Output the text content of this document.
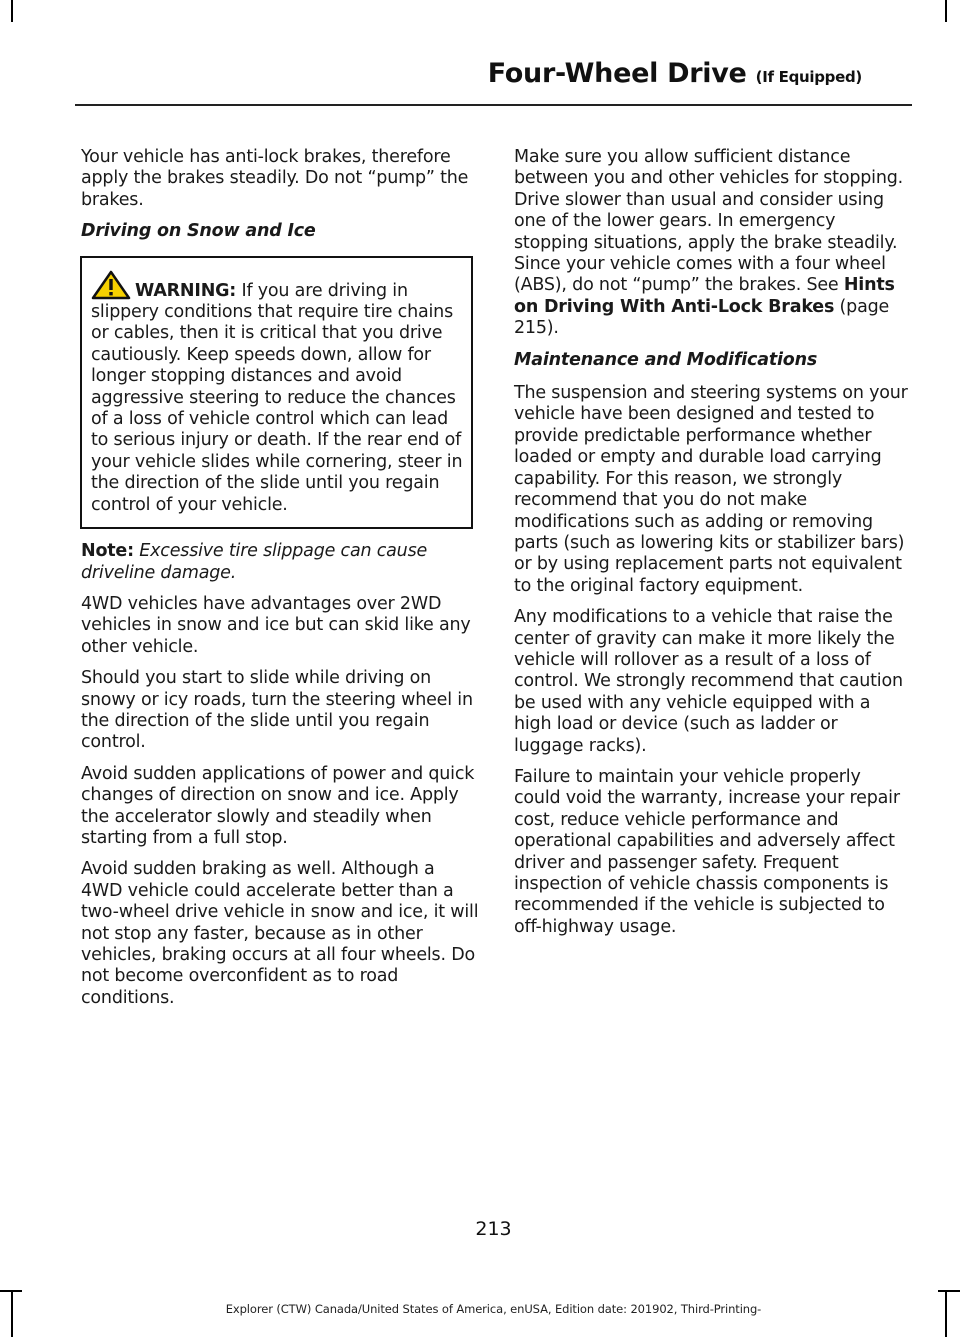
Four-Wheel Drive (If Equipped)

Your vehicle has anti-lock brakes, therefore apply the brakes steadily. Do not “pump” the brakes.

Driving on Snow and Ice

WARNING: If you are driving in slippery conditions that require tire chains or cables, then it is critical that you drive cautiously. Keep speeds down, allow for longer stopping distances and avoid aggressive steering to reduce the chances of a loss of vehicle control which can lead to serious injury or death. If the rear end of your vehicle slides while cornering, steer in the direction of the slide until you regain control of your vehicle.

Note: Excessive tire slippage can cause driveline damage.

4WD vehicles have advantages over 2WD vehicles in snow and ice but can skid like any other vehicle.

Should you start to slide while driving on snowy or icy roads, turn the steering wheel in the direction of the slide until you regain control.

Avoid sudden applications of power and quick changes of direction on snow and ice. Apply the accelerator slowly and steadily when starting from a full stop.

Avoid sudden braking as well. Although a 4WD vehicle could accelerate better than a two-wheel drive vehicle in snow and ice, it will not stop any faster, because as in other vehicles, braking occurs at all four wheels. Do not become overconfident as to road conditions.

Make sure you allow sufficient distance between you and other vehicles for stopping. Drive slower than usual and consider using one of the lower gears. In emergency stopping situations, apply the brake steadily. Since your vehicle comes with a four wheel (ABS), do not “pump” the brakes. See Hints on Driving With Anti-Lock Brakes (page 215).

Maintenance and Modifications

The suspension and steering systems on your vehicle have been designed and tested to provide predictable performance whether loaded or empty and durable load carrying capability. For this reason, we strongly recommend that you do not make modifications such as adding or removing parts (such as lowering kits or stabilizer bars) or by using replacement parts not equivalent to the original factory equipment.

Any modifications to a vehicle that raise the center of gravity can make it more likely the vehicle will rollover as a result of a loss of control. We strongly recommend that caution be used with any vehicle equipped with a high load or device (such as ladder or luggage racks).

Failure to maintain your vehicle properly could void the warranty, increase your repair cost, reduce vehicle performance and operational capabilities and adversely affect driver and passenger safety. Frequent inspection of vehicle chassis components is recommended if the vehicle is subjected to off-highway usage.

213
Explorer (CTW) Canada/United States of America, enUSA, Edition date: 201902, Third-Printing-
